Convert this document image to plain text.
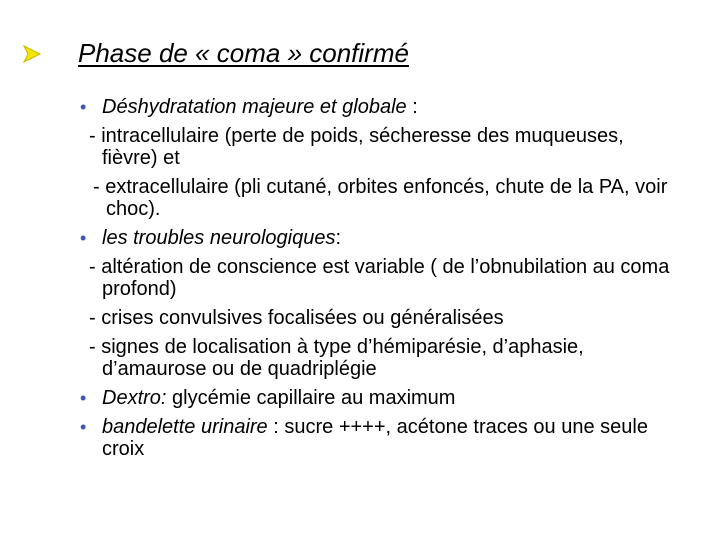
Phase de « coma » confirmé
• Déshydratation majeure et globale :
- intracellulaire (perte de poids, sécheresse des muqueuses, fièvre) et
- extracellulaire (pli cutané, orbites enfoncés, chute de la PA, voir choc).
• les troubles neurologiques:
- altération de conscience est variable ( de l’obnubilation au coma profond)
- crises convulsives focalisées ou généralisées
- signes de localisation à type d’hémiparésie, d’aphasie, d’amaurose ou de quadriplégie
• Dextro: glycémie capillaire au maximum
• bandelette urinaire : sucre ++++, acétone traces ou une seule croix
